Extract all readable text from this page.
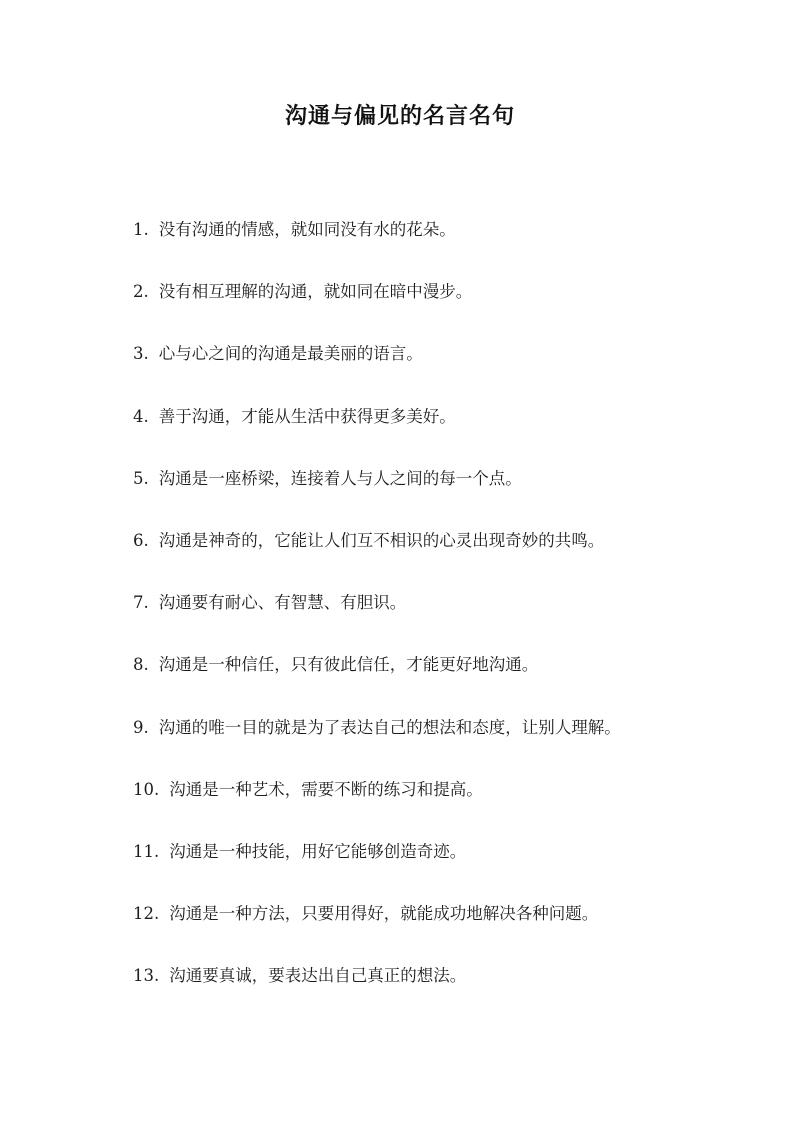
沟通与偏见的名言名句
1. 没有沟通的情感，就如同没有水的花朵。
2. 没有相互理解的沟通，就如同在暗中漫步。
3. 心与心之间的沟通是最美丽的语言。
4. 善于沟通，才能从生活中获得更多美好。
5. 沟通是一座桥梁，连接着人与人之间的每一个点。
6. 沟通是神奇的，它能让人们互不相识的心灵出现奇妙的共鸣。
7. 沟通要有耐心、有智慧、有胆识。
8. 沟通是一种信任，只有彼此信任，才能更好地沟通。
9. 沟通的唯一目的就是为了表达自己的想法和态度，让别人理解。
10. 沟通是一种艺术，需要不断的练习和提高。
11. 沟通是一种技能，用好它能够创造奇迹。
12. 沟通是一种方法，只要用得好，就能成功地解决各种问题。
13. 沟通要真诚，要表达出自己真正的想法。
